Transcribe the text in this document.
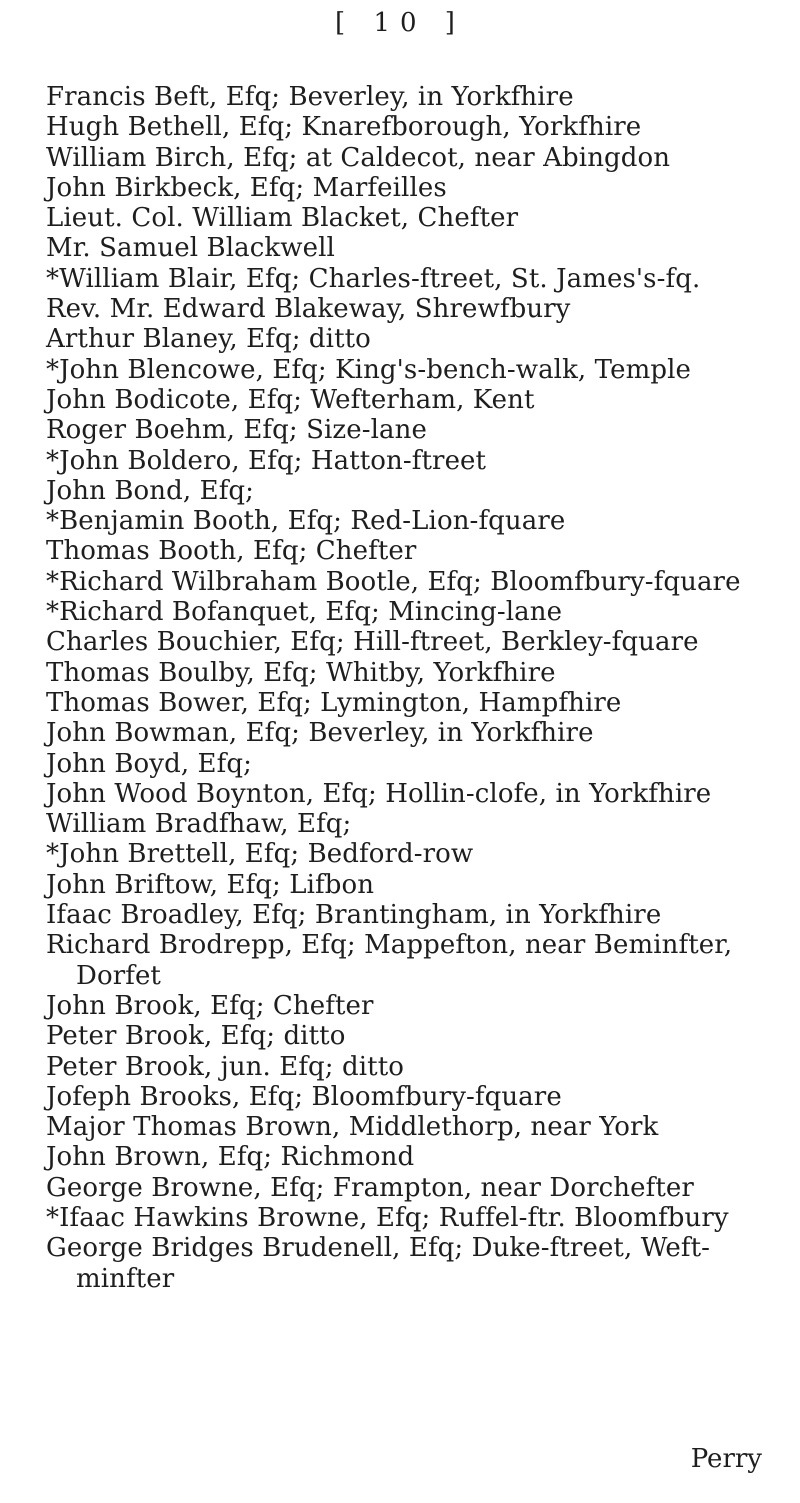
[ 10 ]
Francis Beft, Efq; Beverley, in Yorkfhire
Hugh Bethell, Efq; Knarefborough, Yorkfhire
William Birch, Efq; at Caldecot, near Abingdon
John Birkbeck, Efq; Marfeilles
Lieut. Col. William Blacket, Chefter
Mr. Samuel Blackwell
*William Blair, Efq; Charles-ftreet, St. James's-fq.
Rev. Mr. Edward Blakeway, Shrewfbury
Arthur Blaney, Efq; ditto
*John Blencowe, Efq; King's-bench-walk, Temple
John Bodicote, Efq; Wefterham, Kent
Roger Boehm, Efq; Size-lane
*John Boldero, Efq; Hatton-ftreet
John Bond, Efq;
*Benjamin Booth, Efq; Red-Lion-fquare
Thomas Booth, Efq; Chefter
*Richard Wilbraham Bootle, Efq; Bloomfbury-fquare
*Richard Bofanquet, Efq; Mincing-lane
Charles Bouchier, Efq; Hill-ftreet, Berkley-fquare
Thomas Boulby, Efq; Whitby, Yorkfhire
Thomas Bower, Efq; Lymington, Hampfhire
John Bowman, Efq; Beverley, in Yorkfhire
John Boyd, Efq;
John Wood Boynton, Efq; Hollin-clofe, in Yorkfhire
William Bradfhaw, Efq;
*John Brettell, Efq; Bedford-row
John Briftow, Efq; Lifbon
Ifaac Broadley, Efq; Brantingham, in Yorkfhire
Richard Brodrepp, Efq; Mappefton, near Beminfter,
Dorfet
John Brook, Efq; Chefter
Peter Brook, Efq; ditto
Peter Brook, jun. Efq; ditto
Jofeph Brooks, Efq; Bloomfbury-fquare
Major Thomas Brown, Middlethorp, near York
John Brown, Efq; Richmond
George Browne, Efq; Frampton, near Dorchefter
*Ifaac Hawkins Browne, Efq; Ruffel-ftr. Bloomfbury
George Bridges Brudenell, Efq; Duke-ftreet, Weft-
minfter
Perry
